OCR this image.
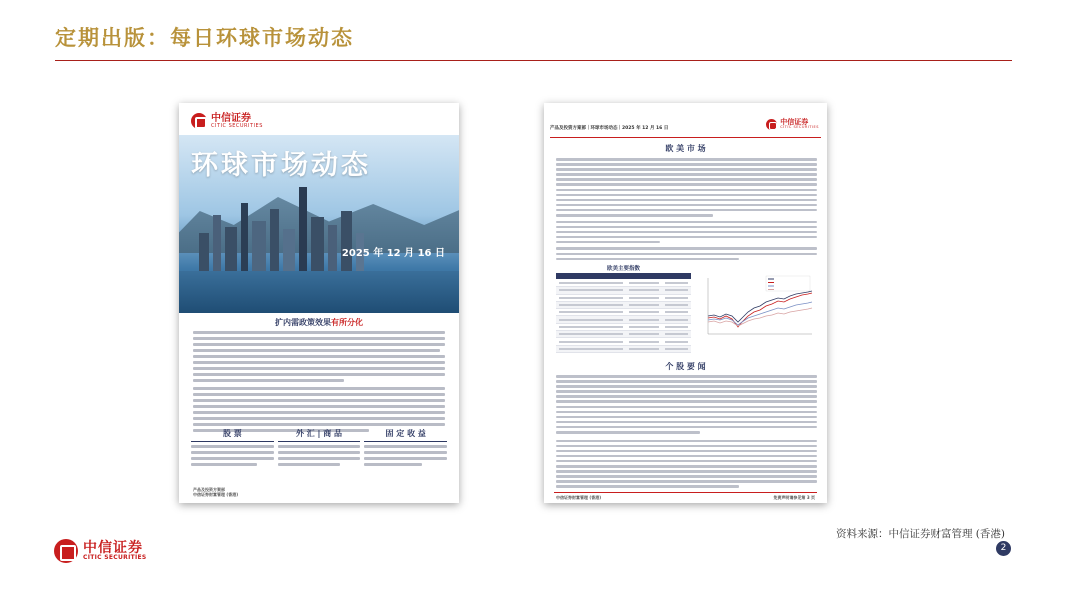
定期出版：每日环球市场动态
中信证券
CITIC SECURITIES
环球市场动态
2025 年 12 月 16 日
扩内需政策效果有所分化
股 票	外 汇 | 商 品	固 定 收 益
产品及投资方案部
中信证券财富管理 (香港)
产品及投资方案部｜环球市场动态｜2025 年 12 月 16 日
中信证券
CITIC SECURITIES
欧 美 市 场
欧美主要指数
个 股 要 闻
中信证券财富管理 (香港)	免责声明请参见第 3 页
资料来源：中信证券财富管理 (香港)
中信证券
CITIC SECURITIES
2
